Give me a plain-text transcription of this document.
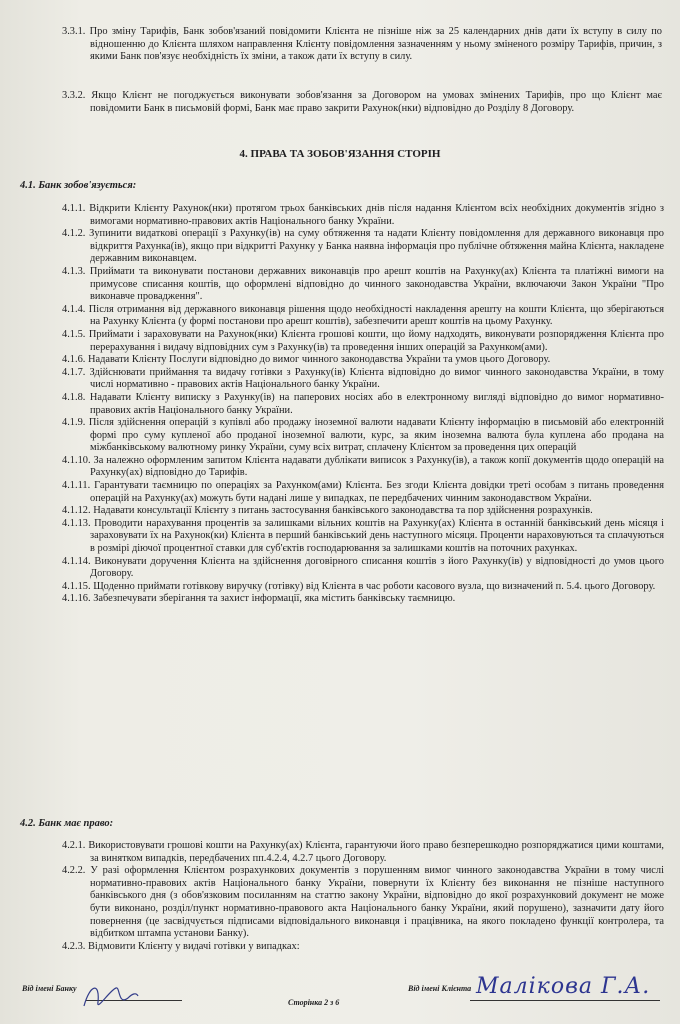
3.3.1. Про зміну Тарифів, Банк зобов'язаний повідомити Клієнта не пізніше ніж за 25 календарних днів дати їх вступу в силу по відношенню до Клієнта шляхом направлення Клієнту повідомлення зазначенням у ньому зміненого розміру Тарифів, причин, з якими Банк пов'язує необхідність їх зміни, а також дати їх вступу в силу.
3.3.2. Якщо Клієнт не погоджується виконувати зобов'язання за Договором на умовах змінених Тарифів, про що Клієнт має повідомити Банк в письмовій формі, Банк має право закрити Рахунок(нки) відповідно до Розділу 8 Договору.
4. ПРАВА ТА ЗОБОВ'ЯЗАННЯ СТОРІН
4.1. Банк зобов'язується:
4.1.1. Відкрити Клієнту Рахунок(нки) протягом трьох банківських днів після надання Клієнтом всіх необхідних документів згідно з вимогами нормативно-правових актів Національного банку України.
4.1.2. Зупинити видаткові операції з Рахунку(ів) на суму обтяження та надати Клієнту повідомлення для державного виконавця про відкриття Рахунка(ів), якщо при відкритті Рахунку у Банка наявна інформація про публічне обтяження майна Клієнта, накладене державним виконавцем.
4.1.3. Приймати та виконувати постанови державних виконавців про арешт коштів на Рахунку(ах) Клієнта та платіжні вимоги на примусове списання коштів, що оформлені відповідно до чинного законодавства України, включаючи Закон України "Про виконавче провадження".
4.1.4. Після отримання від державного виконавця рішення щодо необхідності накладення арешту на кошти Клієнта, що зберігаються на Рахунку Клієнта (у формі постанови про арешт коштів), забезпечити арешт коштів на цьому Рахунку.
4.1.5. Приймати і зараховувати на Рахунок(нки) Клієнта грошові кошти, що йому надходять, виконувати розпорядження Клієнта про перерахування і видачу відповідних сум з Рахунку(ів) та проведення інших операцій за Рахунком(ами).
4.1.6. Надавати Клієнту Послуги відповідно до вимог чинного законодавства України та умов цього Договору.
4.1.7. Здійснювати приймання та видачу готівки з Рахунку(ів) Клієнта відповідно до вимог чинного законодавства України, в тому числі нормативно - правових актів Національного банку України.
4.1.8. Надавати Клієнту виписку з Рахунку(ів) на паперових носіях або в електронному вигляді відповідно до вимог нормативно-правових актів Національного банку України.
4.1.9. Після здійснення операцій з купівлі або продажу іноземної валюти надавати Клієнту інформацію в письмовій або електронній формі про суму купленої або проданої іноземної валюти, курс, за яким іноземна валюта була куплена або продана на міжбанківському валютному ринку України, суму всіх витрат, сплачену Клієнтом за проведення цих операцій
4.1.10. За належно оформленим запитом Клієнта надавати дублікати виписок з Рахунку(ів), а також копії документів щодо операцій на Рахунку(ах) відповідно до Тарифів.
4.1.11. Гарантувати таємницю по операціях за Рахунком(ами) Клієнта. Без згоди Клієнта довідки треті особам з питань проведення операцій на Рахунку(ах) можуть бути надані лише у випадках, пе передбачених чинним законодавством України.
4.1.12. Надавати консультації Клієнту з питань застосування банківського законодавства та пор здійснення розрахунків.
4.1.13. Проводити нарахування процентів за залишками вільних коштів на Рахунку(ах) Клієнта в останній банківський день місяця і зараховувати їх на Рахунок(ки) Клієнта в перший банківський день наступного місяця. Проценти нараховуються та сплачуються в розмірі діючої процентної ставки для суб'єктів господарювання за залишками коштів на поточних рахунках.
4.1.14. Виконувати доручення Клієнта на здійснення договірного списання коштів з його Рахунку(ів) у відповідності до умов цього Договору.
4.1.15. Щоденно приймати готівкову виручку (готівку) від Клієнта в час роботи касового вузла, що визначений п. 5.4. цього Договору.
4.1.16. Забезпечувати зберігання та захист інформації, яка містить банківську таємницю.
4.2. Банк має право:
4.2.1. Використовувати грошові кошти на Рахунку(ах) Клієнта, гарантуючи його право безперешкодно розпоряджатися цими коштами, за винятком випадків, передбачених пп.4.2.4, 4.2.7 цього Договору.
4.2.2. У разі оформлення Клієнтом розрахункових документів з порушенням вимог чинного законодавства України в тому числі нормативно-правових актів Національного банку України, повернути їх Клієнту без виконання не пізніше наступного банківського дня (з обов'язковим посиланням на статтю закону України, відповідно до якої розрахунковий документ не може бути виконано, розділ/пункт нормативно-правового акта Національного банку України, який порушено), зазначити дату його повернення (це засвідчується підписами відповідального виконавця і працівника, на якого покладено функції контролера, та відбитком штампа установи Банку).
4.2.3. Відмовити Клієнту у видачі готівки у випадках:
Від імені Банку
Сторінка 2 з 6
Від імені Клієнта Малікова Г.А.
